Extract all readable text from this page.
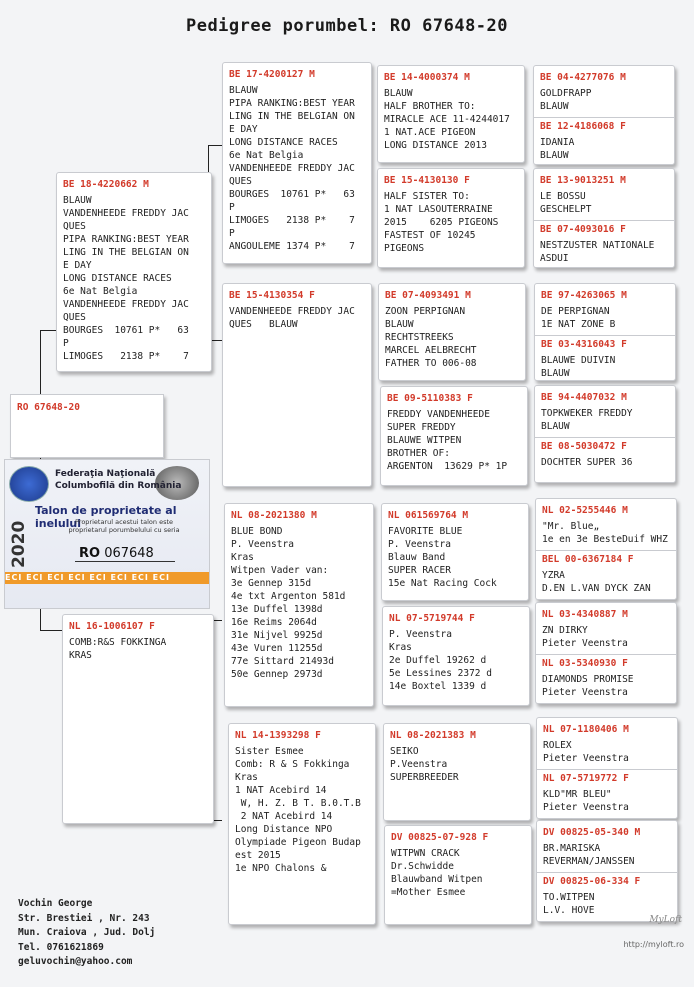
Pedigree porumbel: RO 67648-20
RO 67648-20
Federaţia Naţională
Columbofilă din România
Talon de proprietate al inelului
Proprietarul acestui talon este
proprietarul porumbelului cu seria
2020	RO 067648
ECI ECI ECI ECI ECI ECI ECI ECI
BE 18-4220662 M
BLAUW
VANDENHEEDE FREDDY JAC
QUES
PIPA RANKING:BEST YEAR
LING IN THE BELGIAN ON
E DAY
LONG DISTANCE RACES
6e Nat Belgia
VANDENHEEDE FREDDY JAC
QUES
BOURGES  10761 P*   63
P
LIMOGES   2138 P*    7
NL 16-1006107 F
COMB:R&S FOKKINGA
KRAS
BE 17-4200127 M
BLAUW
PIPA RANKING:BEST YEAR
LING IN THE BELGIAN ON
E DAY
LONG DISTANCE RACES
6e Nat Belgia
VANDENHEEDE FREDDY JAC
QUES
BOURGES  10761 P*   63
P
LIMOGES   2138 P*    7
P
ANGOULEME 1374 P*    7
BE 15-4130354 F
VANDENHEEDE FREDDY JAC
QUES   BLAUW
NL 08-2021380 M
BLUE BOND
P. Veenstra
Kras
Witpen Vader van:
3e Gennep 315d
4e txt Argenton 581d
13e Duffel 1398d
16e Reims 2064d
31e Nijvel 9925d
43e Vuren 11255d
77e Sittard 21493d
50e Gennep 2973d
NL 14-1393298 F
Sister Esmee
Comb: R & S Fokkinga
Kras
1 NAT Acebird 14
W, H. Z. B T. B.0.T.B
2 NAT Acebird 14
Long Distance NPO
Olympiade Pigeon Budap
est 2015
1e NPO Chalons &
BE 14-4000374 M
BLAUW
HALF BROTHER TO:
MIRACLE ACE 11-4244017
1 NAT.ACE PIGEON
LONG DISTANCE 2013
BE 15-4130130 F
HALF SISTER TO:
1 NAT LASOUTERRAINE
2015    6205 PIGEONS
FASTEST OF 10245
PIGEONS
BE 07-4093491 M
ZOON PERPIGNAN
BLAUW
RECHTSTREEKS
MARCEL AELBRECHT
FATHER TO 006-08
BE 09-5110383 F
FREDDY VANDENHEEDE
SUPER FREDDY
BLAUWE WITPEN
BROTHER OF:
ARGENTON  13629 P* 1P
NL 061569764 M
FAVORITE BLUE
P. Veenstra
Blauw Band
SUPER RACER
15e Nat Racing Cock
NL 07-5719744 F
P. Veenstra
Kras
2e Duffel 19262 d
5e Lessines 2372 d
14e Boxtel 1339 d
NL 08-2021383 M
SEIKO
P.Veenstra
SUPERBREEDER
DV 00825-07-928 F
WITPWN CRACK
Dr.Schwidde
Blauwband Witpen
=Mother Esmee
BE 04-4277076 M
GOLDFRAPP
BLAUW
BE 12-4186068 F
IDANIA
BLAUW
BE 13-9013251 M
LE BOSSU
GESCHELPT
BE 07-4093016 F
NESTZUSTER NATIONALE
ASDUI
BE 97-4263065 M
DE PERPIGNAN
1E NAT ZONE B
BE 03-4316043 F
BLAUWE DUIVIN
BLAUW
BE 94-4407032 M
TOPKWEKER FREDDY
BLAUW
BE 08-5030472 F
DOCHTER SUPER 36
NL 02-5255446 M
"Mr. Blue„
1e en 3e BesteDuif WHZ
BEL 00-6367184 F
YZRA
D.EN L.VAN DYCK ZAN
NL 03-4340887 M
ZN DIRKY
Pieter Veenstra
NL 03-5340930 F
DIAMONDS PROMISE
Pieter Veenstra
NL 07-1180406 M
ROLEX
Pieter Veenstra
NL 07-5719772 F
KLD"MR BLEU"
Pieter Veenstra
DV 00825-05-340 M
BR.MARISKA
REVERMAN/JANSSEN
DV 00825-06-334 F
TO.WITPEN
L.V. HOVE
Vochin George
Str. Brestiei , Nr. 243
Mun. Craiova , Jud. Dolj
Tel. 0761621869
geluvochin@yahoo.com
MyLoft
http://myloft.ro
